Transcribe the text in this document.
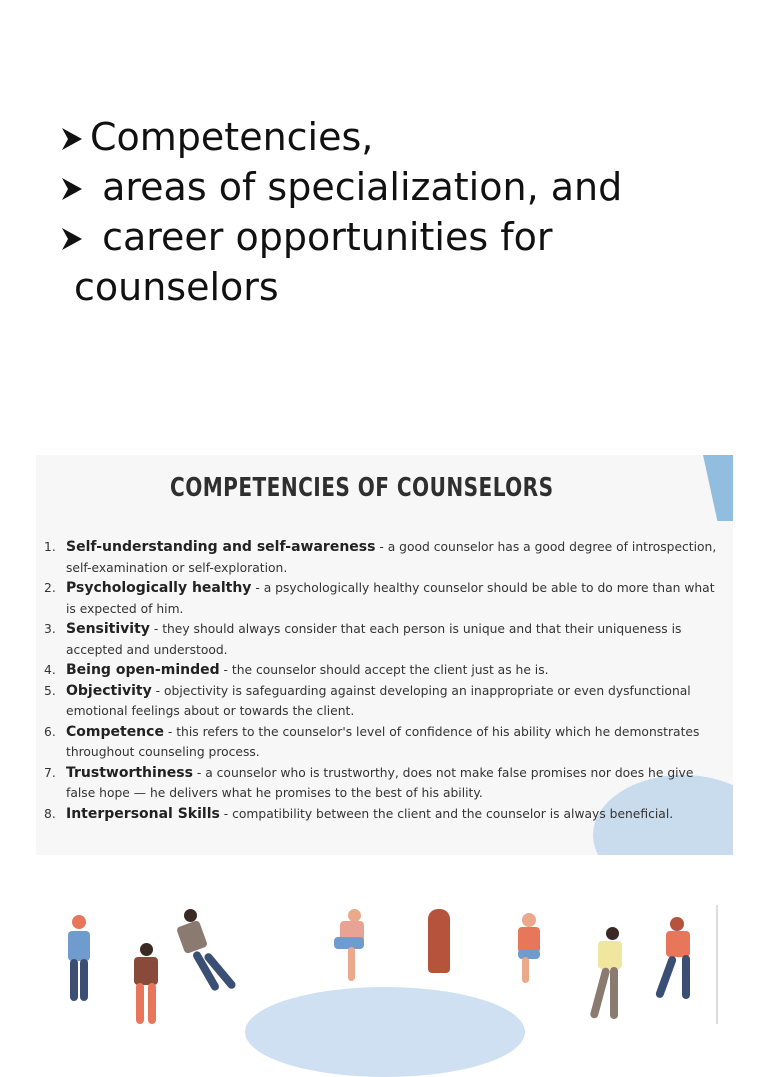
Competencies,
areas of specialization, and
career opportunities for
counselors
COMPETENCIES OF COUNSELORS
1. Self-understanding and self-awareness - a good counselor has a good degree of introspection, self-examination or self-exploration.
2. Psychologically healthy - a psychologically healthy counselor should be able to do more than what is expected of him.
3. Sensitivity - they should always consider that each person is unique and that their uniqueness is accepted and understood.
4. Being open-minded - the counselor should accept the client just as he is.
5. Objectivity - objectivity is safeguarding against developing an inappropriate or even dysfunctional emotional feelings about or towards the client.
6. Competence - this refers to the counselor's level of confidence of his ability which he demonstrates throughout counseling process.
7. Trustworthiness - a counselor who is trustworthy, does not make false promises nor does he give false hope — he delivers what he promises to the best of his ability.
8. Interpersonal Skills - compatibility between the client and the counselor is always beneficial.
